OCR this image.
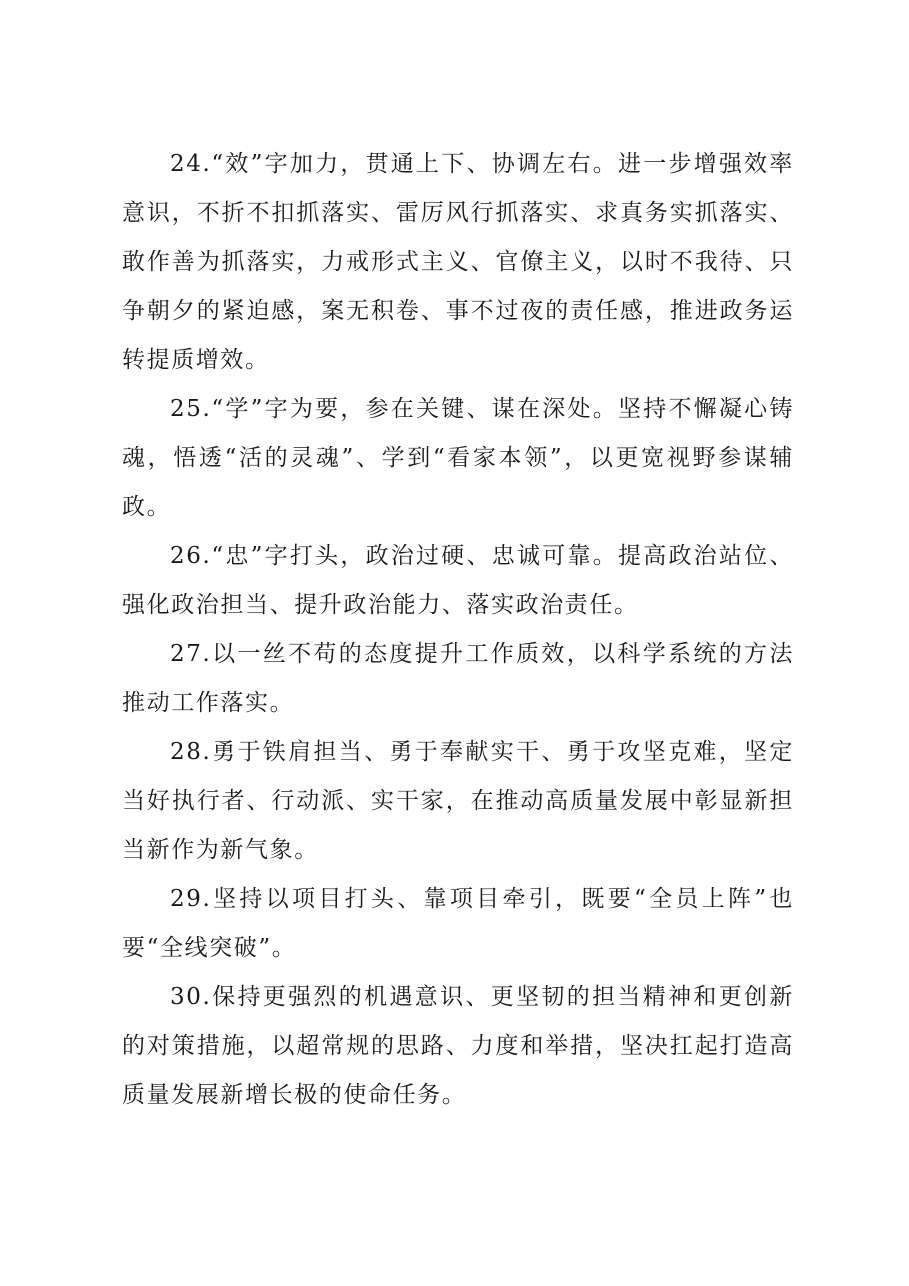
24.“效”字加力，贯通上下、协调左右。进一步增强效率意识，不折不扣抓落实、雷厉风行抓落实、求真务实抓落实、敢作善为抓落实，力戒形式主义、官僚主义，以时不我待、只争朝夕的紧迫感，案无积卷、事不过夜的责任感，推进政务运转提质增效。

25.“学”字为要，参在关键、谋在深处。坚持不懈凝心铸魂，悟透“活的灵魂”、学到“看家本领”，以更宽视野参谋辅政。

26.“忠”字打头，政治过硬、忠诚可靠。提高政治站位、强化政治担当、提升政治能力、落实政治责任。

27.以一丝不苟的态度提升工作质效，以科学系统的方法推动工作落实。

28.勇于铁肩担当、勇于奉献实干、勇于攻坚克难，坚定当好执行者、行动派、实干家，在推动高质量发展中彰显新担当新作为新气象。

29.坚持以项目打头、靠项目牵引，既要“全员上阵”也要“全线突破”。

30.保持更强烈的机遇意识、更坚韧的担当精神和更创新的对策措施，以超常规的思路、力度和举措，坚决扛起打造高质量发展新增长极的使命任务。
